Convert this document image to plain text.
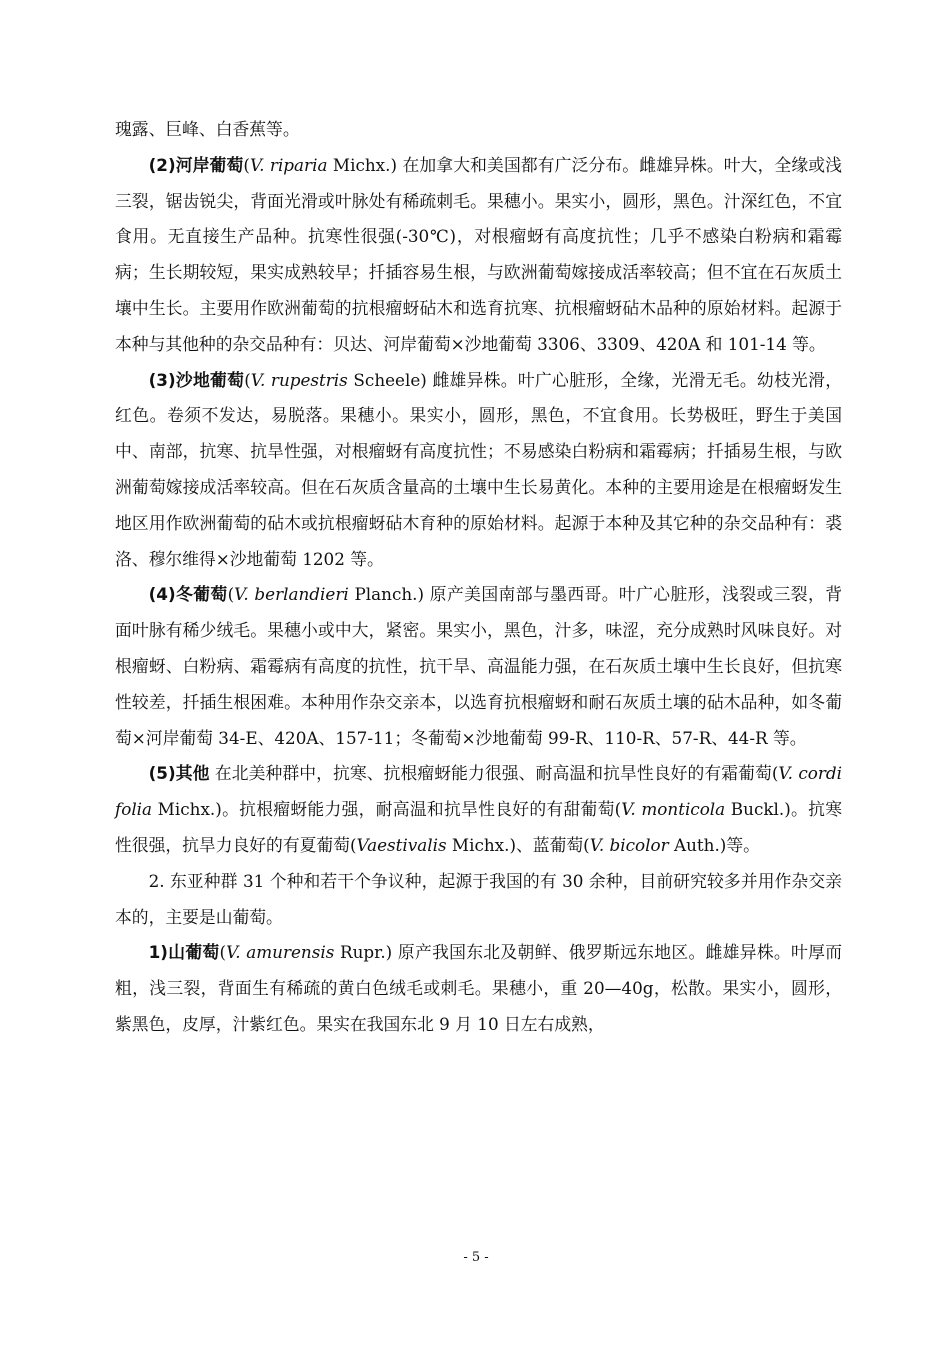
瑰露、巨峰、白香蕉等。

(2)河岸葡萄(V. riparia Michx.) 在加拿大和美国都有广泛分布。雌雄异株。叶大，全缘或浅三裂，锯齿锐尖，背面光滑或叶脉处有稀疏刺毛。果穗小。果实小，圆形，黑色。汁深红色，不宜食用。无直接生产品种。抗寒性很强(-30℃)，对根瘤蚜有高度抗性；几乎不感染白粉病和霜霉病；生长期较短，果实成熟较早；扦插容易生根，与欧洲葡萄嫁接成活率较高；但不宜在石灰质土壤中生长。主要用作欧洲葡萄的抗根瘤蚜砧木和选育抗寒、抗根瘤蚜砧木品种的原始材料。起源于本种与其他种的杂交品种有：贝达、河岸葡萄×沙地葡萄 3306、3309、420A 和 101-14 等。

(3)沙地葡萄(V. rupestris Scheele) 雌雄异株。叶广心脏形，全缘，光滑无毛。幼枝光滑，红色。卷须不发达，易脱落。果穗小。果实小，圆形，黑色，不宜食用。长势极旺，野生于美国中、南部，抗寒、抗旱性强，对根瘤蚜有高度抗性；不易感染白粉病和霜霉病；扦插易生根，与欧洲葡萄嫁接成活率较高。但在石灰质含量高的土壤中生长易黄化。本种的主要用途是在根瘤蚜发生地区用作欧洲葡萄的砧木或抗根瘤蚜砧木育种的原始材料。起源于本种及其它种的杂交品种有：裘洛、穆尔维得×沙地葡萄 1202 等。

(4)冬葡萄(V. berlandieri Planch.) 原产美国南部与墨西哥。叶广心脏形，浅裂或三裂，背面叶脉有稀少绒毛。果穗小或中大，紧密。果实小，黑色，汁多，味涩，充分成熟时风味良好。对根瘤蚜、白粉病、霜霉病有高度的抗性，抗干旱、高温能力强，在石灰质土壤中生长良好，但抗寒性较差，扦插生根困难。本种用作杂交亲本，以选育抗根瘤蚜和耐石灰质土壤的砧木品种，如冬葡萄×河岸葡萄 34-E、420A、157-11；冬葡萄×沙地葡萄 99-R、110-R、57-R、44-R 等。

(5)其他 在北美种群中，抗寒、抗根瘤蚜能力很强、耐高温和抗旱性良好的有霜葡萄(V. cordifolia Michx.)。抗根瘤蚜能力强，耐高温和抗旱性良好的有甜葡萄(V. monticola Buckl.)。抗寒性很强，抗旱力良好的有夏葡萄(Vaestivalis Michx.)、蓝葡萄(V. bicolor Auth.)等。

2. 东亚种群 31 个种和若干个争议种，起源于我国的有 30 余种，目前研究较多并用作杂交亲本的，主要是山葡萄。

1)山葡萄(V. amurensis Rupr.) 原产我国东北及朝鲜、俄罗斯远东地区。雌雄异株。叶厚而粗，浅三裂，背面生有稀疏的黄白色绒毛或刺毛。果穗小，重 20—40g，松散。果实小，圆形，紫黑色，皮厚，汁紫红色。果实在我国东北 9 月 10 日左右成熟，

- 5 -
